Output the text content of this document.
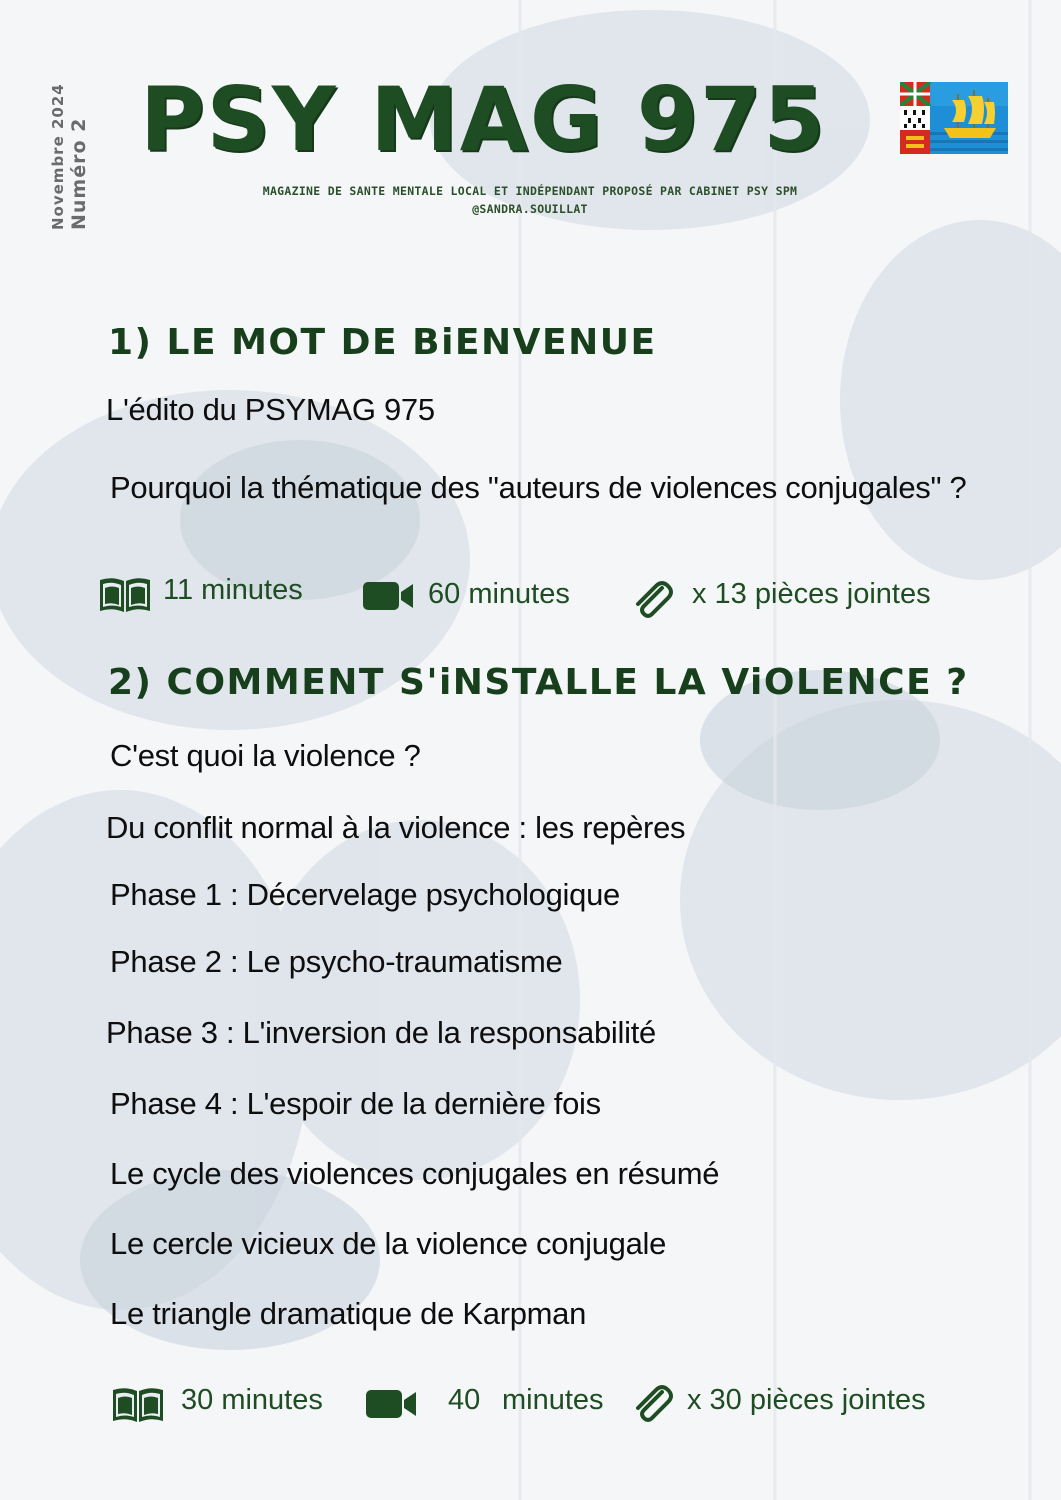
Novembre 2024 Numéro 2 PSY MAG 975
MAGAZINE DE SANTE MENTALE LOCAL ET INDÉPENDANT PROPOSÉ PAR CABINET PSY SPM
@SANDRA.SOUILLAT
1) LE MOT DE BiENVENUE
L'édito du PSYMAG 975
Pourquoi la thématique des "auteurs de violences conjugales" ?
11 minutes	60 minutes	x 13 pièces jointes
2) COMMENT S'iNSTALLE LA ViOLENCE ?
C'est quoi la violence ?
Du conflit normal à la violence : les repères
Phase 1 : Décervelage psychologique
Phase 2 : Le psycho-traumatisme
Phase 3 : L'inversion de la responsabilité
Phase 4 : L'espoir de la dernière fois
Le cycle des violences conjugales en résumé
Le cercle vicieux de la violence conjugale
Le triangle dramatique de Karpman
30 minutes	40 minutes	x 30 pièces jointes
